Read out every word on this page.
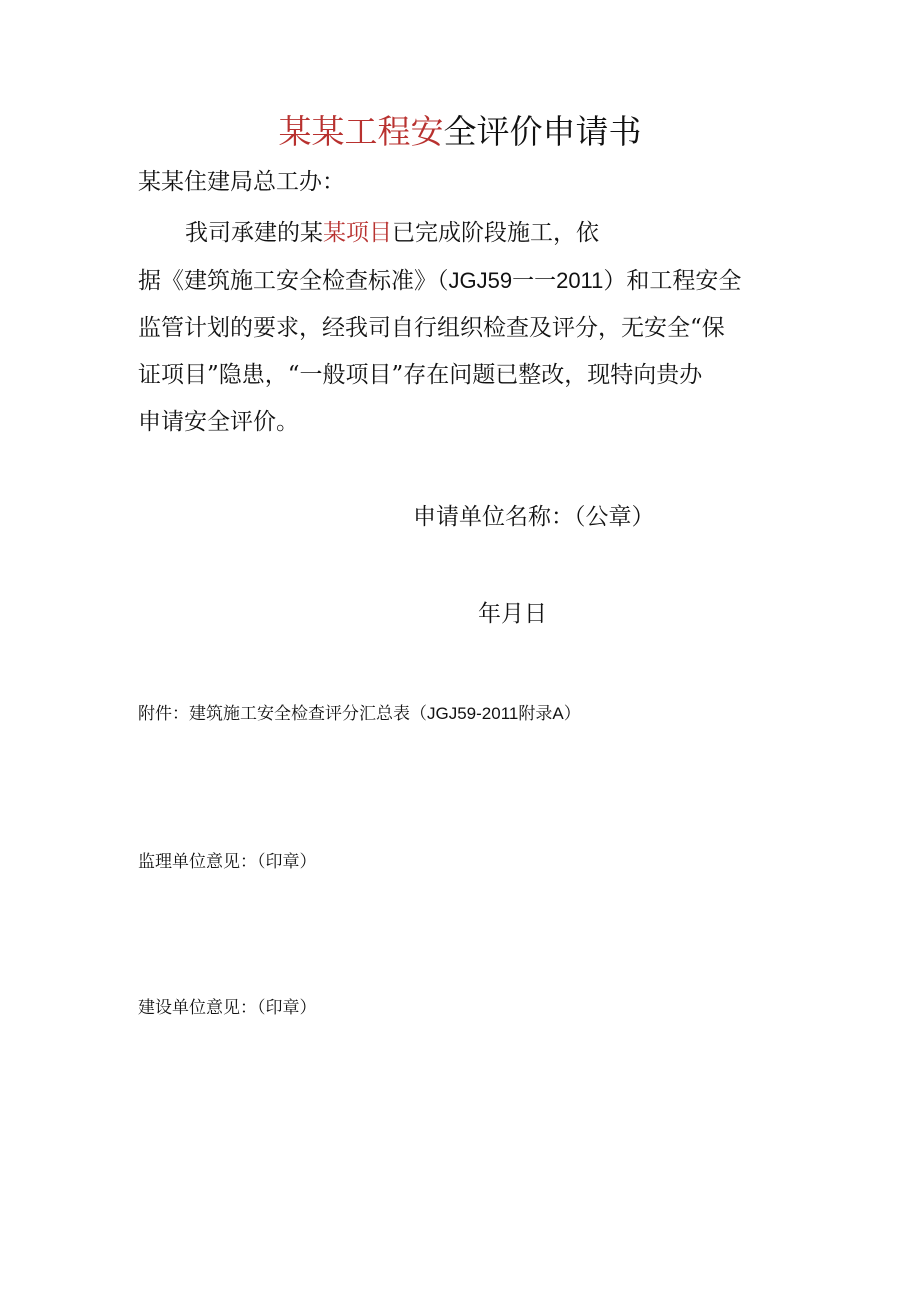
某某工程安全评价申请书
某某住建局总工办：
我司承建的某某项目已完成阶段施工，依
据《建筑施工安全检查标准》（JGJ59一一2011）和工程安全
监管计划的要求，经我司自行组织检查及评分，无安全“保
证项目”隐患，“一般项目”存在问题已整改，现特向贵办
申请安全评价。
申请单位名称：（公章）
年月日
附件：建筑施工安全检查评分汇总表（JGJ59-2011附录A）
监理单位意见：（印章）
建设单位意见：（印章）
